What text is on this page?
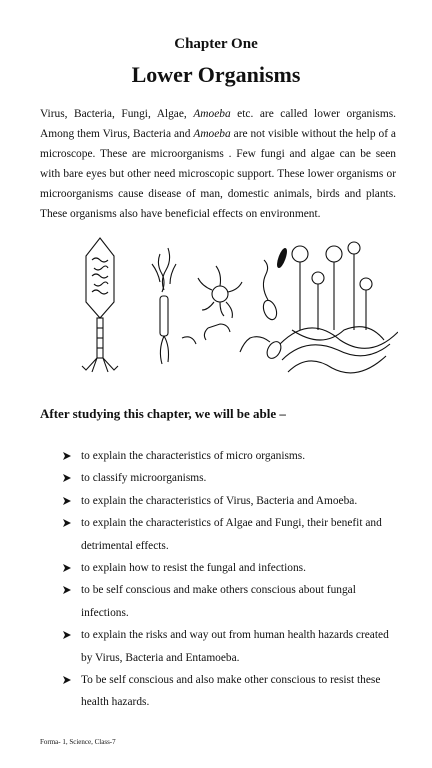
Chapter One
Lower Organisms

Virus, Bacteria, Fungi, Algae, Amoeba etc. are called lower organisms. Among them Virus, Bacteria and Amoeba are not visible without the help of a microscope. These are microorganisms . Few fungi and algae can be seen with bare eyes but other need microscopic support. These lower organisms or microorganisms cause disease of man, domestic animals, birds and plants. These organisms also have beneficial effects on environment.

After studying this chapter, we will be able –
to explain the characteristics of micro organisms.
to classify microorganisms.
to explain the characteristics of Virus, Bacteria and Amoeba.
to explain the characteristics of Algae and Fungi, their benefit and detrimental effects.
to explain how to resist the fungal and infections.
to be self conscious and make others conscious about fungal infections.
to explain the risks and way out from human health hazards created by Virus, Bacteria and Entamoeba.
To be self conscious and also make other conscious to resist these health hazards.
Forma- 1, Science, Class-7
